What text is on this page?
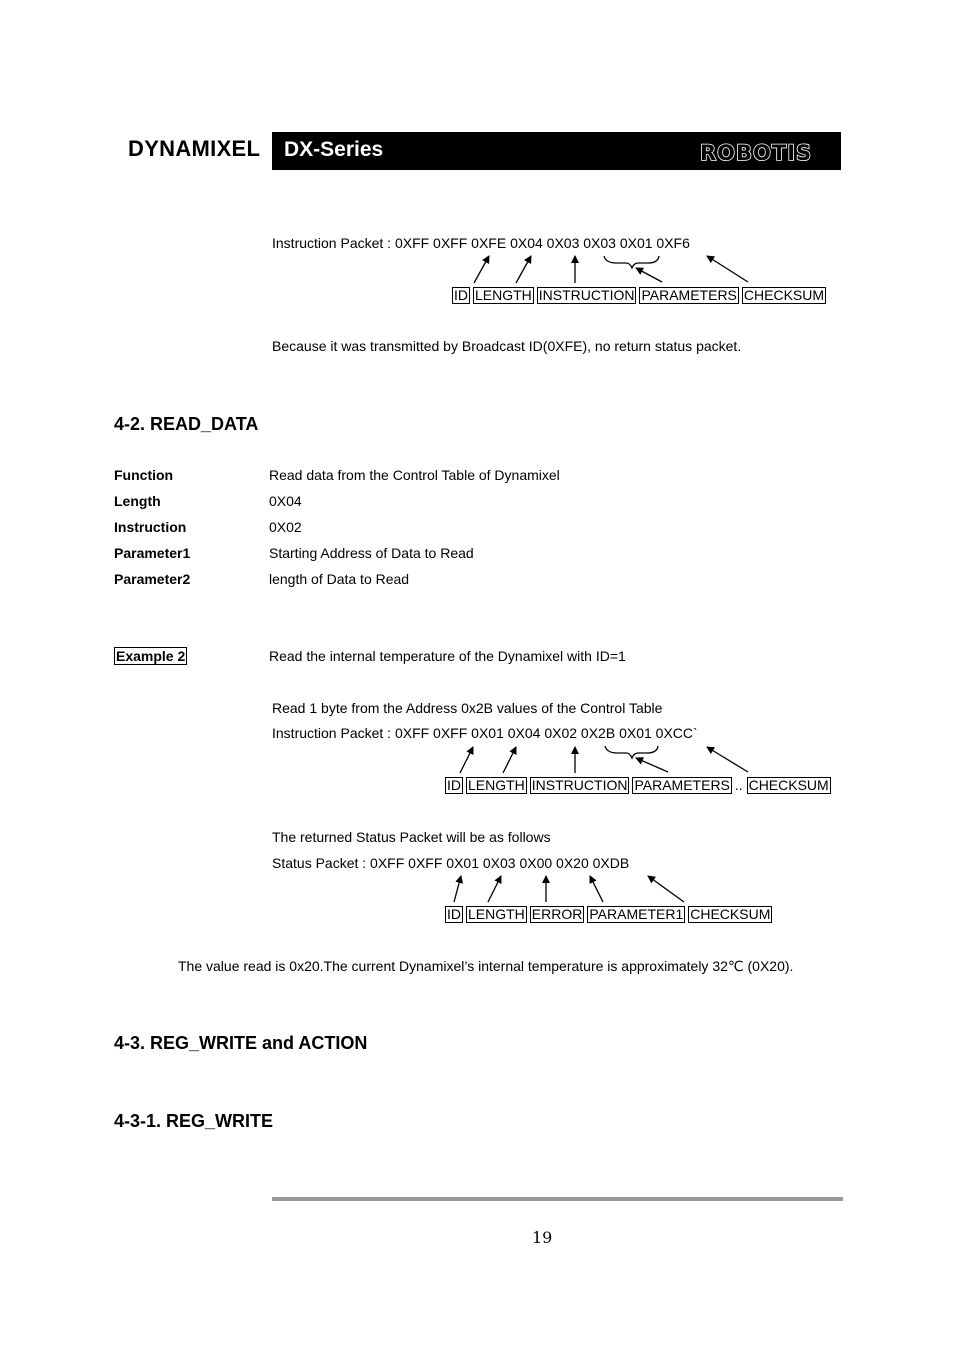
DYNAMIXEL DX-Series	ROBOTIS
Instruction Packet : 0XFF 0XFF 0XFE 0X04 0X03 0X03 0X01 0XF6
ID LENGTH INSTRUCTION PARAMETERS CHECKSUM
Because it was transmitted by Broadcast ID(0XFE), no return status packet.
4-2. READ_DATA
Function	Read data from the Control Table of Dynamixel
Length	0X04
Instruction	0X02
Parameter1	Starting Address of Data to Read
Parameter2	length of Data to Read
Example 2	Read the internal temperature of the Dynamixel with ID=1
Read 1 byte from the Address 0x2B values of the Control Table
Instruction Packet : 0XFF 0XFF 0X01 0X04 0X02 0X2B 0X01 0XCC`
ID LENGTH INSTRUCTION PARAMETERS .. CHECKSUM
The returned Status Packet will be as follows
Status Packet : 0XFF 0XFF 0X01 0X03 0X00 0X20 0XDB
ID LENGTH ERROR PARAMETER1 CHECKSUM
The value read is 0x20.The current Dynamixel’s internal temperature is approximately 32℃ (0X20).
4-3. REG_WRITE and ACTION
4-3-1. REG_WRITE
19
